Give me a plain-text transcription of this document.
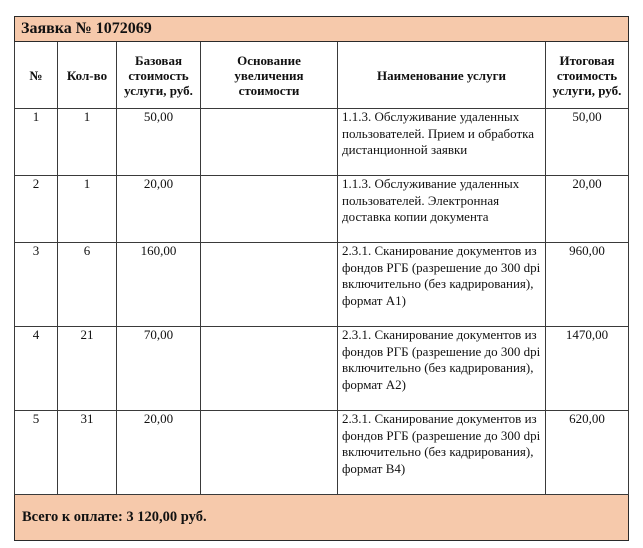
Заявка № 1072069					
№	Кол-во	Базовая стоимость услуги, руб.	Основание увеличения стоимости	Наименование услуги	Итоговая стоимость услуги, руб.
1	1	50,00		1.1.3. Обслуживание удаленных пользователей. Прием и обработка дистанционной заявки	50,00
2	1	20,00		1.1.3. Обслуживание удаленных пользователей. Электронная доставка копии документа	20,00
3	6	160,00		2.3.1. Сканирование документов из фондов РГБ (разрешение до 300 dpi включительно (без кадрирования), формат А1)	960,00
4	21	70,00		2.3.1. Сканирование документов из фондов РГБ (разрешение до 300 dpi включительно (без кадрирования), формат А2)	1470,00
5	31	20,00		2.3.1. Сканирование документов из фондов РГБ (разрешение до 300 dpi включительно (без кадрирования), формат В4)	620,00
Всего к оплате: 3 120,00 руб.					
